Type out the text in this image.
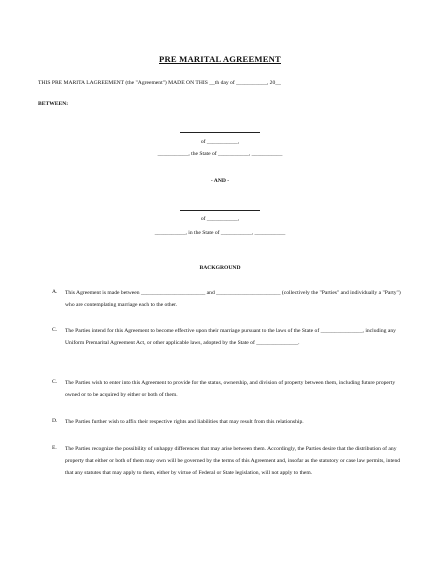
PRE MARITAL AGREEMENT
THIS PRE MARITA LAGREEMENT (the "Agreement") MADE ON THIS __th day of ___________, 20__
BETWEEN:
of ___________,
___________, the State of ___________, ___________
- AND -
of ___________,
___________, in the State of ___________, ___________
BACKGROUND
A. This Agreement is made between _______________________ and _______________________ (collectively the "Parties" and individually a "Party") who are contemplating marriage each to the other.
C. The Parties intend for this Agreement to become effective upon their marriage pursuant to the laws of the State of _______________, including any Uniform Premarital Agreement Act, or other applicable laws, adopted by the State of _______________.
C. The Parties wish to enter into this Agreement to provide for the status, ownership, and division of property between them, including future property owned or to be acquired by either or both of them.
D. The Parties further wish to affix their respective rights and liabilities that may result from this relationship.
E. The Parties recognize the possibility of unhappy differences that may arise between them. Accordingly, the Parties desire that the distribution of any property that either or both of them may own will be governed by the terms of this Agreement and, insofar as the statutory or case law permits, intend that any statutes that may apply to them, either by virtue of Federal or State legislation, will not apply to them.
